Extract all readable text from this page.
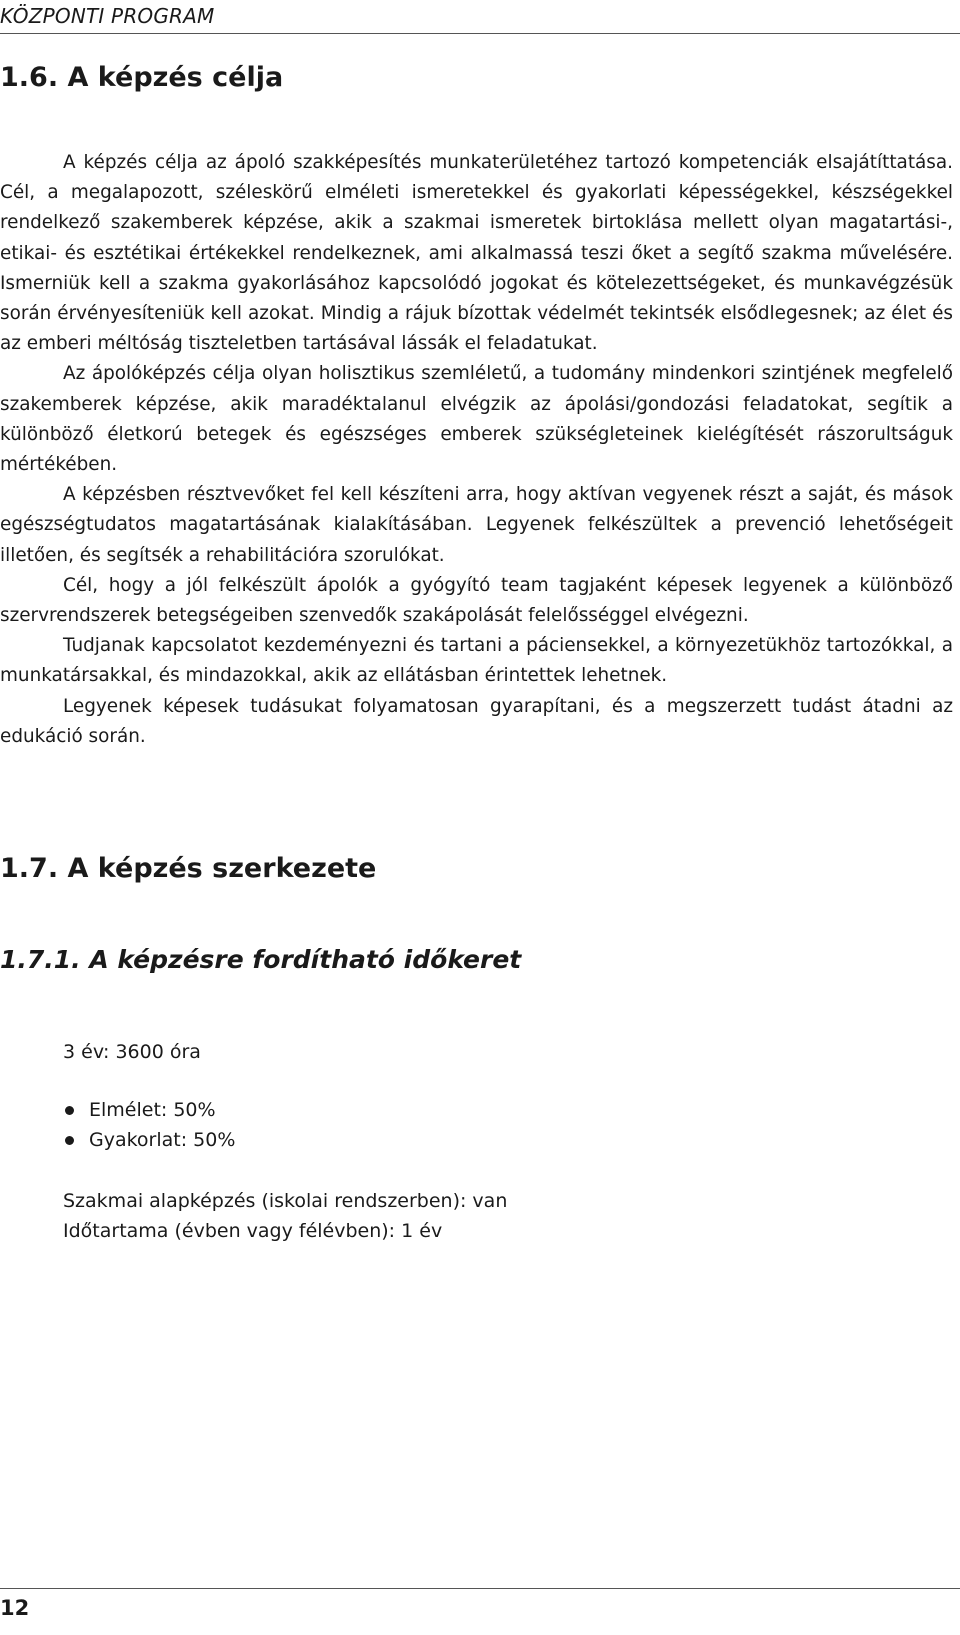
KÖZPONTI PROGRAM
1.6. A képzés célja

A képzés célja az ápoló szakképesítés munkaterületéhez tartozó kompetenciák elsajátíttatása. Cél, a megalapozott, széleskörű elméleti ismeretekkel és gyakorlati képességekkel, készségekkel rendelkező szakemberek képzése, akik a szakmai ismeretek birtoklása mellett olyan magatartási-, etikai- és esztétikai értékekkel rendelkeznek, ami alkalmassá teszi őket a segítő szakma művelésére. Ismerniük kell a szakma gyakorlásához kapcsolódó jogokat és kötelezettségeket, és munkavégzésük során érvényesíteniük kell azokat. Mindig a rájuk bízottak védelmét tekintsék elsődlegesnek; az élet és az emberi méltóság tiszteletben tartásával lássák el feladatukat.

Az ápolóképzés célja olyan holisztikus szemléletű, a tudomány mindenkori szintjének megfelelő szakemberek képzése, akik maradéktalanul elvégzik az ápolási/gondozási feladatokat, segítik a különböző életkorú betegek és egészséges emberek szükségleteinek kielégítését rászorultságuk mértékében.

A képzésben résztvevőket fel kell készíteni arra, hogy aktívan vegyenek részt a saját, és mások egészségtudatos magatartásának kialakításában. Legyenek felkészültek a prevenció lehetőségeit illetően, és segítsék a rehabilitációra szorulókat.

Cél, hogy a jól felkészült ápolók a gyógyító team tagjaként képesek legyenek a különböző szervrendszerek betegségeiben szenvedők szakápolását felelősséggel elvégezni.

Tudjanak kapcsolatot kezdeményezni és tartani a páciensekkel, a környezetükhöz tartozókkal, a munkatársakkal, és mindazokkal, akik az ellátásban érintettek lehetnek.

Legyenek képesek tudásukat folyamatosan gyarapítani, és a megszerzett tudást átadni az edukáció során.

1.7. A képzés szerkezete
1.7.1. A képzésre fordítható időkeret
3 év: 3600 óra
Elmélet: 50%
Gyakorlat: 50%
Szakmai alapképzés (iskolai rendszerben): van
Időtartama (évben vagy félévben): 1 év
12
